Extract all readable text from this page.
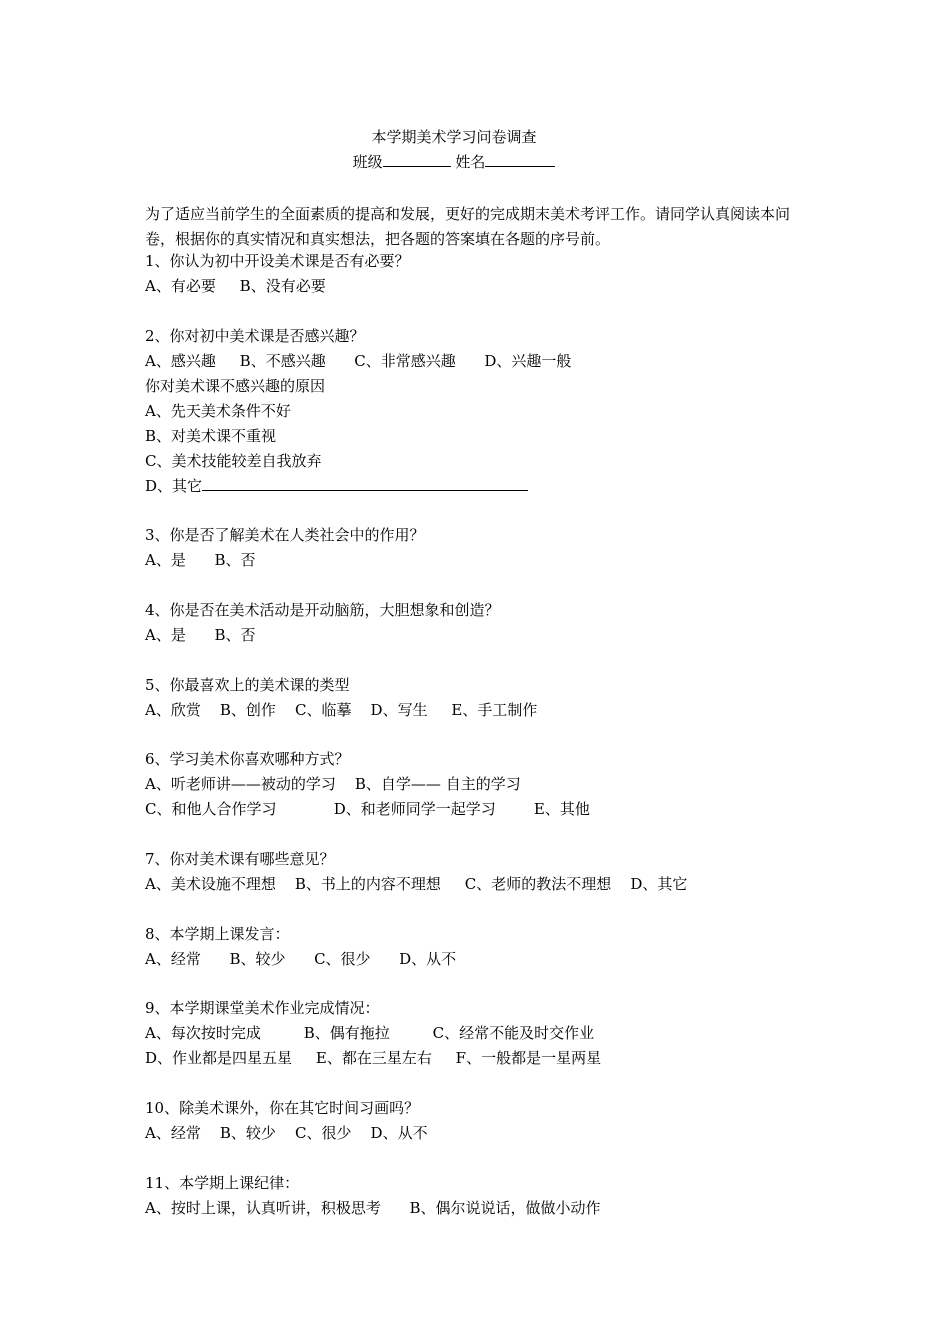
本学期美术学习问卷调查
班级	姓名
为了适应当前学生的全面素质的提高和发展，更好的完成期末美术考评工作。请同学认真阅读本问卷，根据你的真实情况和真实想法，把各题的答案填在各题的序号前。
1、你认为初中开设美术课是否有必要？
A、有必要     B、没有必要
2、你对初中美术课是否感兴趣？
A、感兴趣     B、不感兴趣      C、非常感兴趣      D、兴趣一般
你对美术课不感兴趣的原因
A、先天美术条件不好
B、对美术课不重视
C、美术技能较差自我放弃
D、其它
3、你是否了解美术在人类社会中的作用？
A、是      B、否
4、你是否在美术活动是开动脑筋，大胆想象和创造？
A、是      B、否
5、你最喜欢上的美术课的类型
A、欣赏    B、创作    C、临摹    D、写生     E、手工制作
6、学习美术你喜欢哪种方式？
A、听老师讲——被动的学习    B、自学—— 自主的学习
C、和他人合作学习            D、和老师同学一起学习        E、其他
7、你对美术课有哪些意见？
A、美术设施不理想    B、书上的内容不理想     C、老师的教法不理想    D、其它
8、本学期上课发言：
A、经常      B、较少      C、很少      D、从不
9、本学期课堂美术作业完成情况：
A、每次按时完成         B、偶有拖拉         C、经常不能及时交作业
D、作业都是四星五星     E、都在三星左右     F、一般都是一星两星
10、除美术课外，你在其它时间习画吗？
A、经常    B、较少    C、很少    D、从不
11、本学期上课纪律：
A、按时上课，认真听讲，积极思考      B、偶尔说说话，做做小动作
